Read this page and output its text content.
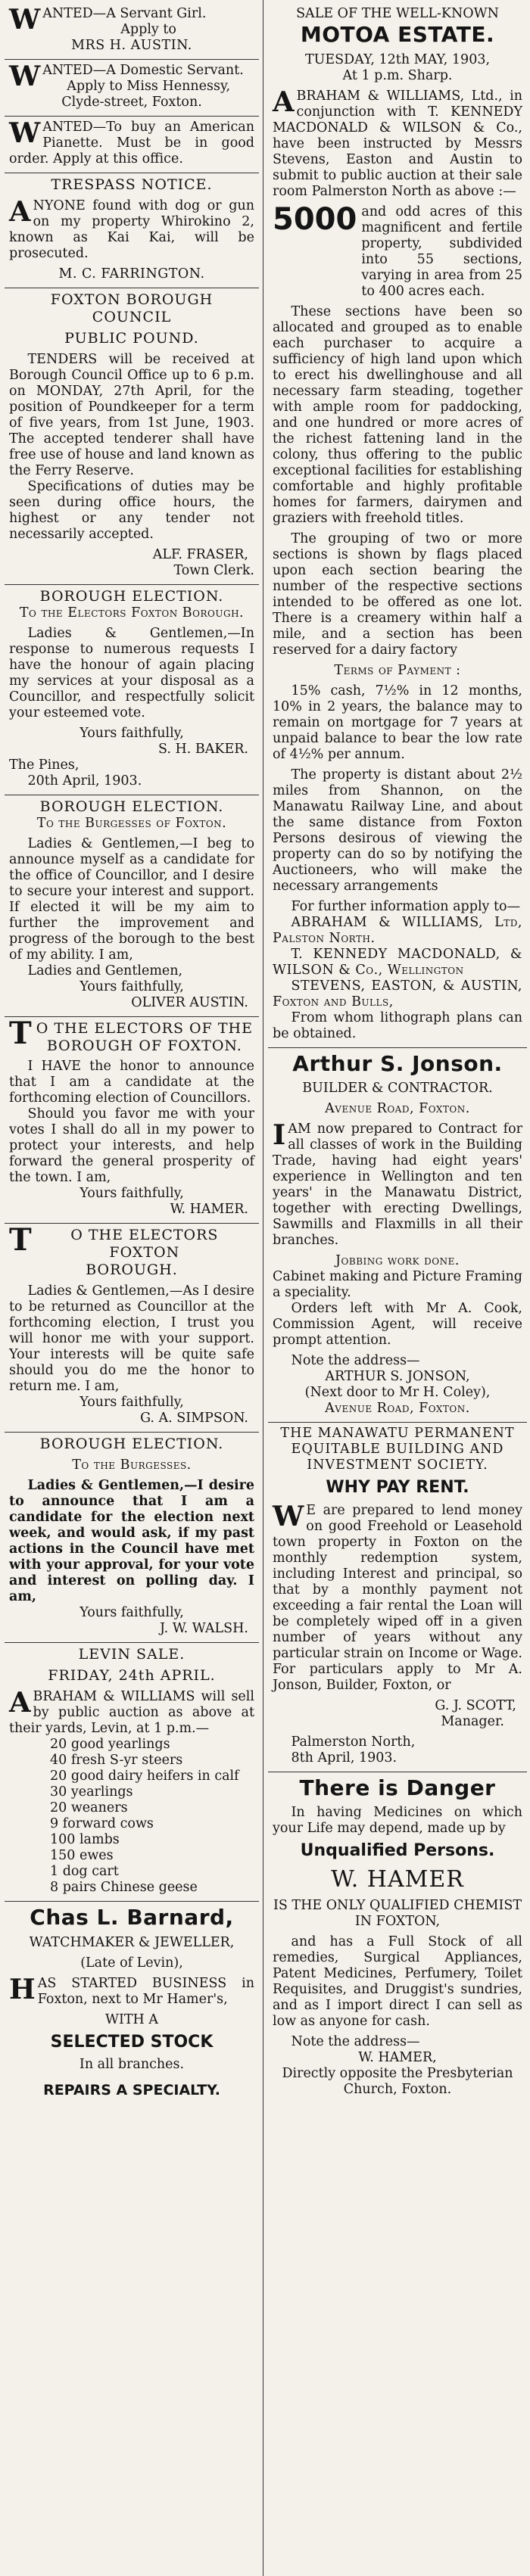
WANTED—A Servant Girl.

Apply to

MRS H. AUSTIN.

WANTED—A Domestic Servant.

Apply to Miss Hennessy,

Clyde-street, Foxton.

WANTED—To buy an American Pianette. Must be in good order. Apply at this office.

TRESPASS NOTICE.

ANYONE found with dog or gun on my property Whirokino 2, known as Kai Kai, will be prosecuted.

M. C. FARRINGTON.

FOXTON BOROUGH COUNCIL

PUBLIC POUND.

TENDERS will be received at Borough Council Office up to 6 p.m. on MONDAY, 27th April, for the position of Poundkeeper for a term of five years, from 1st June, 1903. The accepted tenderer shall have free use of house and land known as the Ferry Reserve.

Specifications of duties may be seen during office hours, the highest or any tender not necessarily accepted.

ALF. FRASER,

Town Clerk.

BOROUGH ELECTION.

To the Electors Foxton Borough.

Ladies & Gentlemen,—In response to numerous requests I have the honour of again placing my services at your disposal as a Councillor, and respectfully solicit your esteemed vote.

Yours faithfully,

S. H. BAKER.

The Pines,

20th April, 1903.

BOROUGH ELECTION.

To the Burgesses of Foxton.

Ladies & Gentlemen,—I beg to announce myself as a candidate for the office of Councillor, and I desire to secure your interest and support. If elected it will be my aim to further the improvement and progress of the borough to the best of my ability. I am,

Ladies and Gentlemen,

Yours faithfully,

OLIVER AUSTIN.

TO THE ELECTORS OF THE

BOROUGH OF FOXTON.

I HAVE the honor to announce that I am a candidate at the forthcoming election of Councillors.

Should you favor me with your votes I shall do all in my power to protect your interests, and help forward the general prosperity of the town. I am,

Yours faithfully,

W. HAMER.

TO THE ELECTORS FOXTON

BOROUGH.

Ladies & Gentlemen,—As I desire to be returned as Councillor at the forthcoming election, I trust you will honor me with your support. Your interests will be quite safe should you do me the honor to return me. I am,

Yours faithfully,

G. A. SIMPSON.

BOROUGH ELECTION.

To the Burgesses.

Ladies & Gentlemen,—I desire to announce that I am a candidate for the election next week, and would ask, if my past actions in the Council have met with your approval, for your vote and interest on polling day. I am,

Yours faithfully,

J. W. WALSH.

LEVIN SALE.

FRIDAY, 24th APRIL.

ABRAHAM & WILLIAMS will sell by public auction as above at their yards, Levin, at 1 p.m.—

20 good yearlings

40 fresh S-yr steers

20 good dairy heifers in calf

30 yearlings

20 weaners

9 forward cows

100 lambs

150 ewes

1 dog cart

8 pairs Chinese geese

Chas L. Barnard,

WATCHMAKER & JEWELLER,

(Late of Levin),

HAS STARTED BUSINESS in Foxton, next to Mr Hamer's,

WITH A

SELECTED STOCK

In all branches.

REPAIRS A SPECIALTY.

SALE OF THE WELL-KNOWN

MOTOA ESTATE.

TUESDAY, 12th MAY, 1903,

At 1 p.m. Sharp.

ABRAHAM & WILLIAMS, Ltd., in conjunction with T. KENNEDY MACDONALD & WILSON & Co., have been instructed by Messrs Stevens, Easton and Austin to submit to public auction at their sale room Palmerston North as above :—

5000 and odd acres of this magnificent and fertile property, subdivided into 55 sections, varying in area from 25 to 400 acres each.

These sections have been so allocated and grouped as to enable each purchaser to acquire a sufficiency of high land upon which to erect his dwellinghouse and all necessary farm steading, together with ample room for paddocking, and one hundred or more acres of the richest fattening land in the colony, thus offering to the public exceptional facilities for establishing comfortable and highly profitable homes for farmers, dairymen and graziers with freehold titles.

The grouping of two or more sections is shown by flags placed upon each section bearing the number of the respective sections intended to be offered as one lot. There is a creamery within half a mile, and a section has been reserved for a dairy factory

Terms of Payment :

15% cash, 7½% in 12 months, 10% in 2 years, the balance may to remain on mortgage for 7 years at unpaid balance to bear the low rate of 4½% per annum.

The property is distant about 2½ miles from Shannon, on the Manawatu Railway Line, and about the same distance from Foxton Persons desirous of viewing the property can do so by notifying the Auctioneers, who will make the necessary arrangements

For further information apply to—

ABRAHAM & WILLIAMS, Ltd, Palston North.

T. KENNEDY MACDONALD, & WILSON & Co., Wellington

STEVENS, EASTON, & AUSTIN, Foxton and Bulls,

From whom lithograph plans can be obtained.

Arthur S. Jonson.

BUILDER & CONTRACTOR.

Avenue Road, Foxton.

IAM now prepared to Contract for all classes of work in the Building Trade, having had eight years' experience in Wellington and ten years' in the Manawatu District, together with erecting Dwellings, Sawmills and Flaxmills in all their branches.

Jobbing work done.

Cabinet making and Picture Framing a speciality.

Orders left with Mr A. Cook, Commission Agent, will receive prompt attention.

Note the address—

ARTHUR S. JONSON,

(Next door to Mr H. Coley),

Avenue Road, Foxton.

THE MANAWATU PERMANENT EQUITABLE BUILDING AND INVESTMENT SOCIETY.

WHY PAY RENT.

WE are prepared to lend money on good Freehold or Leasehold town property in Foxton on the monthly redemption system, including Interest and principal, so that by a monthly payment not exceeding a fair rental the Loan will be completely wiped off in a given number of years without any particular strain on Income or Wage. For particulars apply to Mr A. Jonson, Builder, Foxton, or

G. J. SCOTT,

Manager.

Palmerston North,

8th April, 1903.

There is Danger

In having Medicines on which your Life may depend, made up by

Unqualified Persons.

W. HAMER

IS THE ONLY QUALIFIED CHEMIST IN FOXTON,

and has a Full Stock of all remedies, Surgical Appliances, Patent Medicines, Perfumery, Toilet Requisites, and Druggist's sundries, and as I import direct I can sell as low as anyone for cash.

Note the address—

W. HAMER,

Directly opposite the Presbyterian Church, Foxton.
